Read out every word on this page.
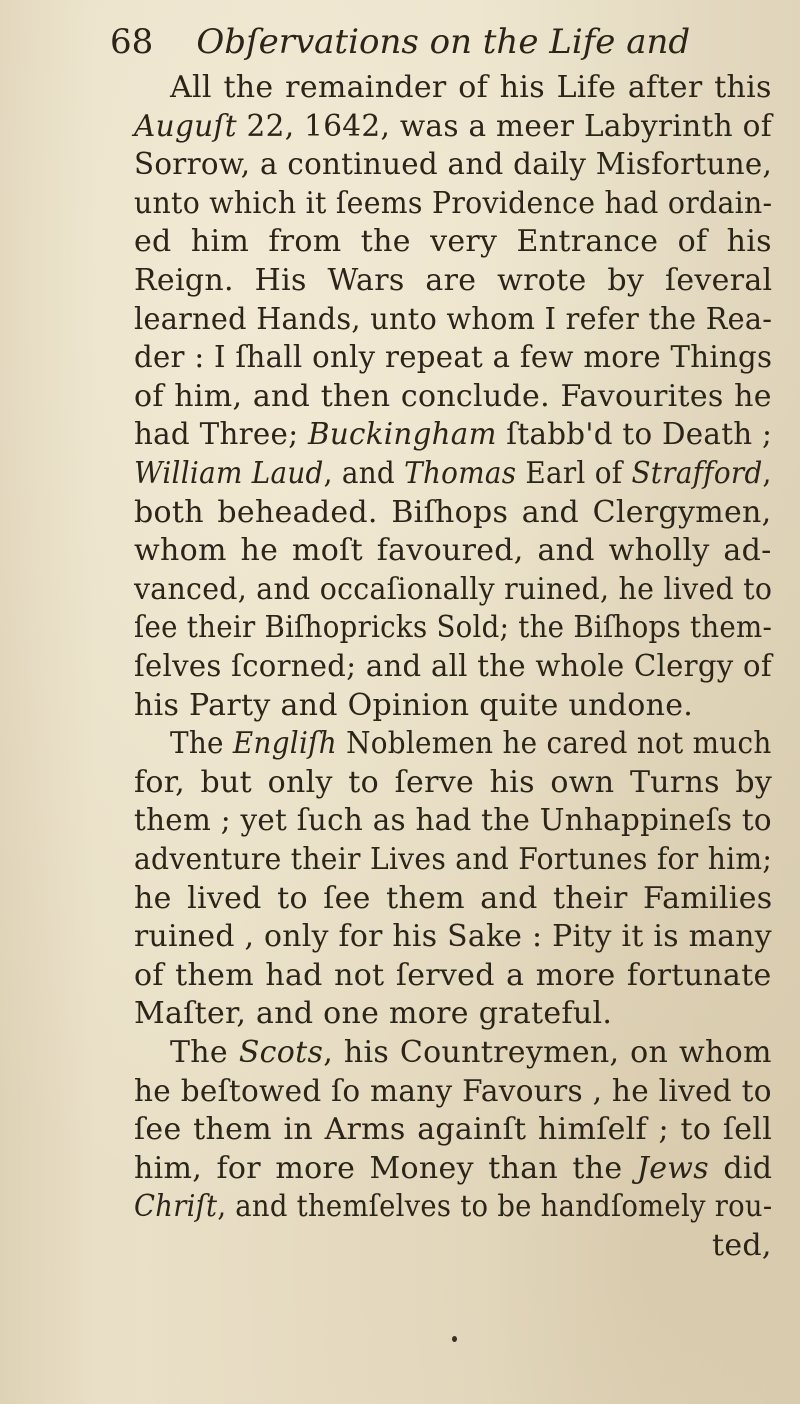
68 Obſervations on the Life and
All the remainder of his Life after this
Auguſt 22, 1642, was a meer Labyrinth of
Sorrow, a continued and daily Misfortune,
unto which it ſeems Providence had ordain-
ed him from the very Entrance of his
Reign. His Wars are wrote by ſeveral
learned Hands, unto whom I refer the Rea-
der : I ſhall only repeat a few more Things
of him, and then conclude. Favourites he
had Three; Buckingham ſtabb'd to Death ;
William Laud, and Thomas Earl of Strafford,
both beheaded. Biſhops and Clergymen,
whom he moſt favoured, and wholly ad-
vanced, and occaſionally ruined, he lived to
ſee their Biſhopricks Sold; the Biſhops them-
ſelves ſcorned; and all the whole Clergy of
his Party and Opinion quite undone.
The Engliſh Noblemen he cared not much
for, but only to ſerve his own Turns by
them ; yet ſuch as had the Unhappineſs to
adventure their Lives and Fortunes for him;
he lived to ſee them and their Families
ruined , only for his Sake : Pity it is many
of them had not ſerved a more fortunate
Maſter, and one more grateful.
The Scots, his Countreymen, on whom
he beſtowed ſo many Favours , he lived to
ſee them in Arms againſt himſelf ; to ſell
him, for more Money than the Jews did
Chriſt, and themſelves to be handſomely rou-
ted,
